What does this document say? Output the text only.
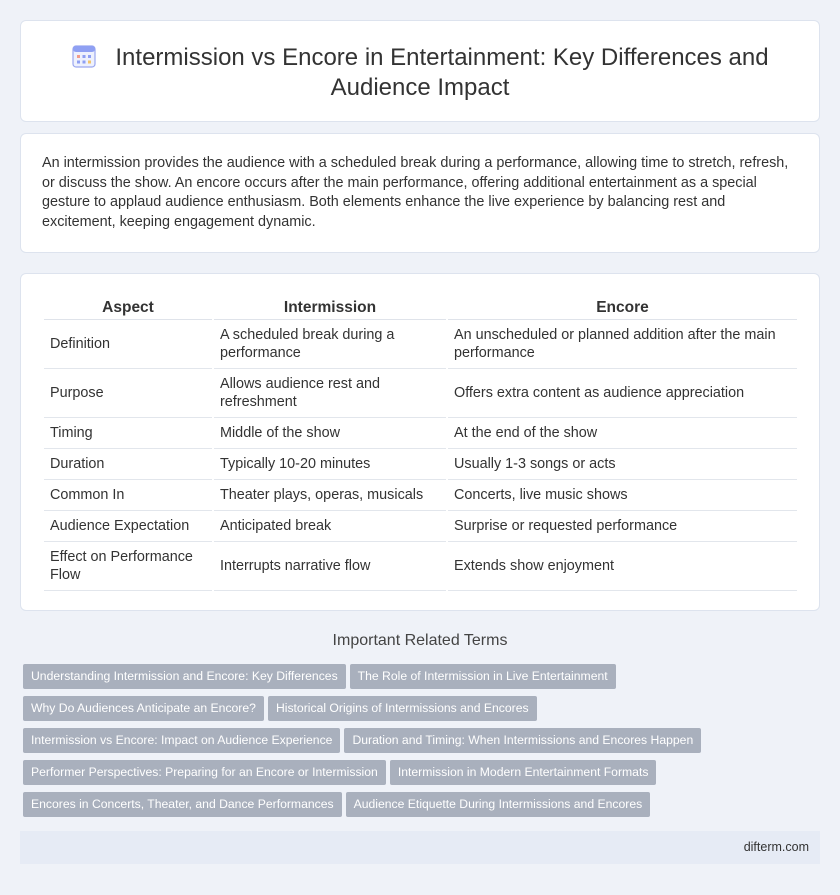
Intermission vs Encore in Entertainment: Key Differences and Audience Impact

An intermission provides the audience with a scheduled break during a performance, allowing time to stretch, refresh, or discuss the show. An encore occurs after the main performance, offering additional entertainment as a special gesture to applaud audience enthusiasm. Both elements enhance the live experience by balancing rest and excitement, keeping engagement dynamic.

Aspect	Intermission	Encore
Definition	A scheduled break during a performance	An unscheduled or planned addition after the main performance
Purpose	Allows audience rest and refreshment	Offers extra content as audience appreciation
Timing	Middle of the show	At the end of the show
Duration	Typically 10-20 minutes	Usually 1-3 songs or acts
Common In	Theater plays, operas, musicals	Concerts, live music shows
Audience Expectation	Anticipated break	Surprise or requested performance
Effect on Performance Flow	Interrupts narrative flow	Extends show enjoyment
Important Related Terms
Understanding Intermission and Encore: Key Differences The Role of Intermission in Live Entertainment
Why Do Audiences Anticipate an Encore? Historical Origins of Intermissions and Encores
Intermission vs Encore: Impact on Audience Experience Duration and Timing: When Intermissions and Encores Happen
Performer Perspectives: Preparing for an Encore or Intermission Intermission in Modern Entertainment Formats
Encores in Concerts, Theater, and Dance Performances Audience Etiquette During Intermissions and Encores
difterm.com
